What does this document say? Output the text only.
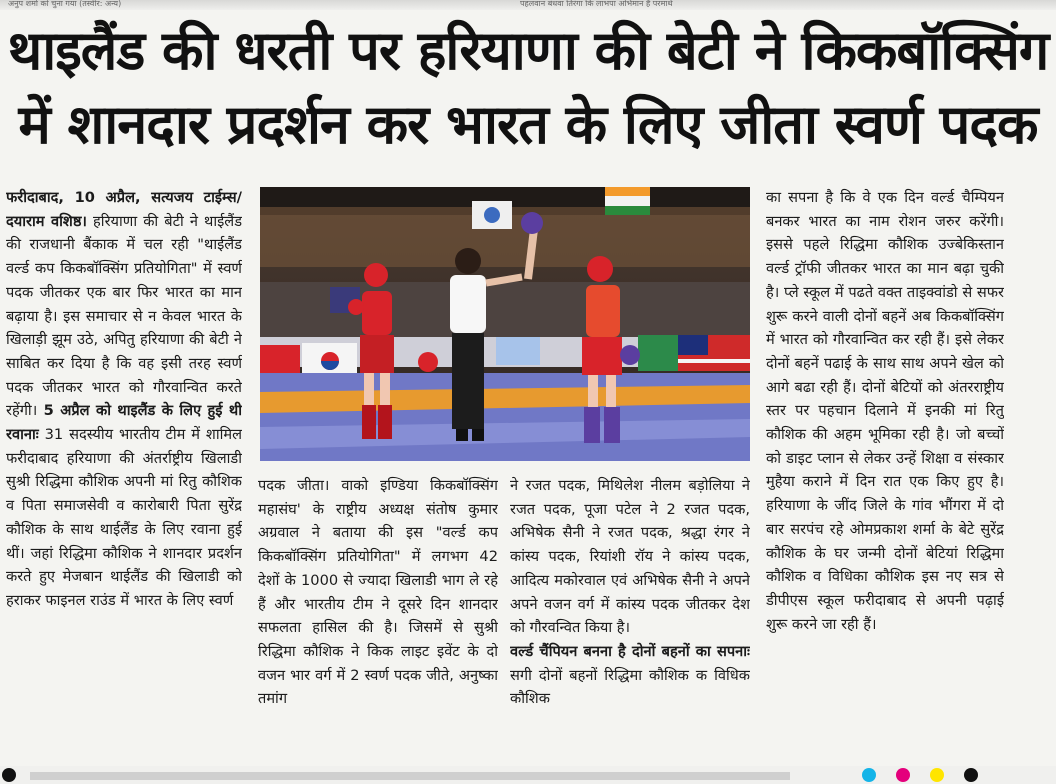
अनुप शर्मा को चुना गया (तस्वीर: अन्य)	पहलवान बंधवा तिरंगा कि लाभपा अभिमान है परमार्थ
थाइलैंड की धरती पर हरियाणा की बेटी ने किकबॉक्सिंग
में शानदार प्रदर्शन कर भारत के लिए जीता स्वर्ण पदक

फरीदाबाद, 10 अप्रैल, सत्यजय टाईम्स/दयाराम वशिष्ठ। हरियाणा की बेटी ने थाईलैंड की राजधानी बैंकाक में चल रही "थाईलैंड वर्ल्ड कप किकबॉक्सिंग प्रतियोगिता" में स्वर्ण पदक जीतकर एक बार फिर भारत का मान बढ़ाया है। इस समाचार से न केवल भारत के खिलाड़ी झूम उठे, अपितु हरियाणा की बेटी ने साबित कर दिया है कि वह इसी तरह स्वर्ण पदक जीतकर भारत को गौरवान्वित करते रहेंगी। 5 अप्रैल को थाइलैंड के लिए हुई थी रवानाः 31 सदस्यीय भारतीय टीम में शामिल फरीदाबाद हरियाणा की अंतर्राष्ट्रीय खिलाडी सुश्री रिद्धिमा कौशिक अपनी मां रितु कौशिक व पिता समाजसेवी व कारोबारी पिता सुरेंद्र कौशिक के साथ थाईलैंड के लिए रवाना हुई थीं। जहां रिद्धिमा कौशिक ने शानदार प्रदर्शन करते हुए मेजबान थाईलैंड की खिलाडी को हराकर फाइनल राउंड में भारत के लिए स्वर्ण

पदक जीता। वाको इण्डिया किकबॉक्सिंग महासंघ' के राष्ट्रीय अध्यक्ष संतोष कुमार अग्रवाल ने बताया की इस "वर्ल्ड कप किकबॉक्सिंग प्रतियोगिता" में लगभग 42 देशों के 1000 से ज्यादा खिलाडी भाग ले रहे हैं और भारतीय टीम ने दूसरे दिन शानदार सफलता हासिल की है। जिसमें से सुश्री रिद्धिमा कौशिक ने किक लाइट इवेंट के दो वजन भार वर्ग में 2 स्वर्ण पदक जीते, अनुष्का तमांग

ने रजत पदक, मिथिलेश नीलम बड़ोलिया ने रजत पदक, पूजा पटेल ने 2 रजत पदक, अभिषेक सैनी ने रजत पदक, श्रद्धा रंगर ने कांस्य पदक, रियांशी रॉय ने कांस्य पदक, आदित्य मकोरवाल एवं अभिषेक सैनी ने अपने अपने वजन वर्ग में कांस्य पदक जीतकर देश को गौरवन्वित किया है।

वर्ल्ड चैंपियन बनना है दोनों बहनों का सपनाः सगी दोनों बहनों रिद्धिमा कौशिक क विधिक कौशिक

का सपना है कि वे एक दिन वर्ल्ड चैम्पियन बनकर भारत का नाम रोशन जरुर करेंगी। इससे पहले रिद्धिमा कौशिक उज्बेकिस्तान वर्ल्ड ट्रॉफी जीतकर भारत का मान बढ़ा चुकी है। प्ले स्कूल में पढते वक्त ताइक्वांडो से सफर शुरू करने वाली दोनों बहनें अब किकबॉक्सिंग में भारत को गौरवान्वित कर रही हैं। इसे लेकर दोनों बहनें पढाई के साथ साथ अपने खेल को आगे बढा रही हैं। दोनों बेटियों को अंतरराष्ट्रीय स्तर पर पहचान दिलाने में इनकी मां रितु कौशिक की अहम भूमिका रही है। जो बच्चों को डाइट प्लान से लेकर उन्हें शिक्षा व संस्कार मुहैया कराने में दिन रात एक किए हुए है। हरियाणा के जींद जिले के गांव भौंगरा में दो बार सरपंच रहे ओमप्रकाश शर्मा के बेटे सुरेंद्र कौशिक के घर जन्मी दोनों बेटियां रिद्धिमा कौशिक व विधिका कौशिक इस नए सत्र से डीपीएस स्कूल फरीदाबाद से अपनी पढ़ाई शुरू करने जा रही हैं।
